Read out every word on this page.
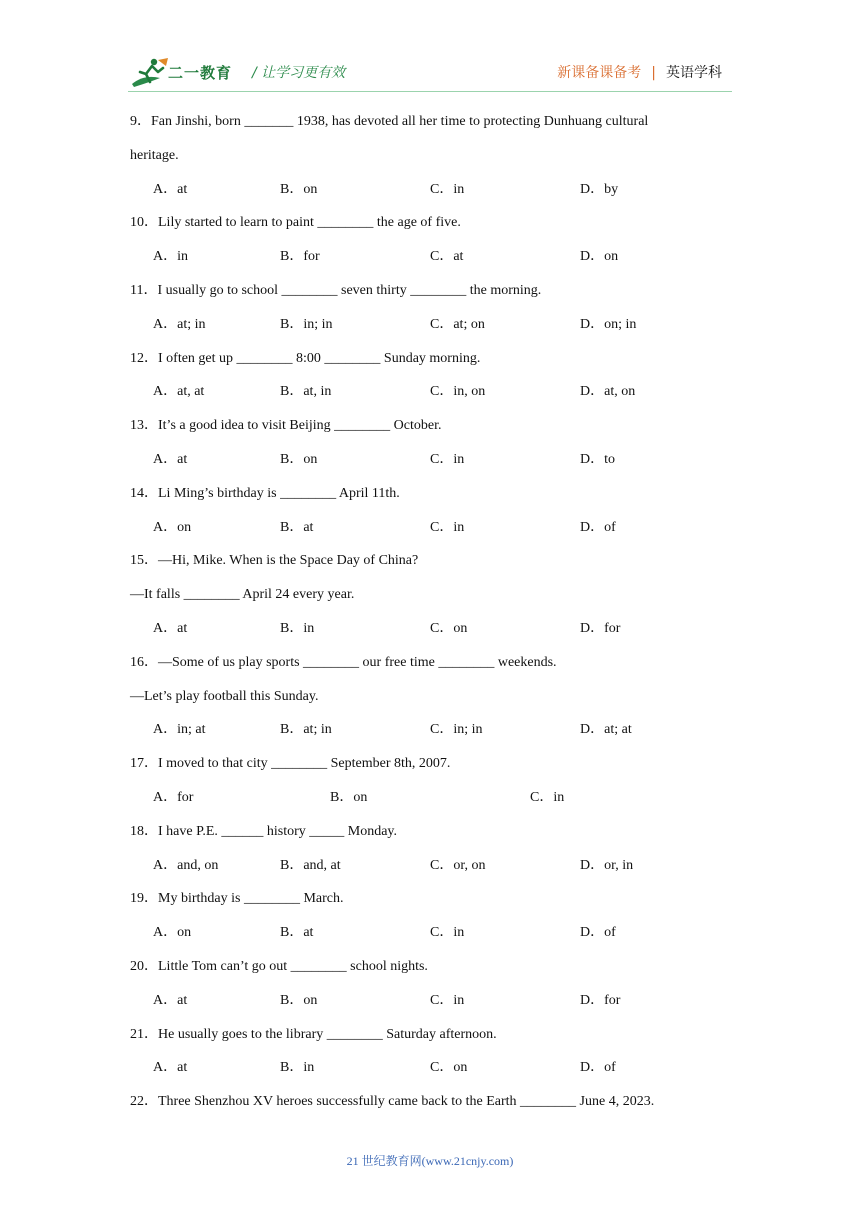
二一教育 / 让学习更有效	新课备课备考 | 英语学科
9．Fan Jinshi, born _______ 1938, has devoted all her time to protecting Dunhuang cultural
heritage.
A．at	B．on	C．in	D．by
10．Lily started to learn to paint ________ the age of five.
A．in	B．for	C．at	D．on
11．I usually go to school ________ seven thirty ________ the morning.
A．at; in	B．in; in	C．at; on	D．on; in
12．I often get up ________ 8:00 ________ Sunday morning.
A．at, at	B．at, in	C．in, on	D．at, on
13．It’s a good idea to visit Beijing ________ October.
A．at	B．on	C．in	D．to
14．Li Ming’s birthday is ________ April 11th.
A．on	B．at	C．in	D．of
15．—Hi, Mike. When is the Space Day of China?
—It falls ________ April 24 every year.
A．at	B．in	C．on	D．for
16．—Some of us play sports ________ our free time ________ weekends.
—Let’s play football this Sunday.
A．in; at	B．at; in	C．in; in	D．at; at
17．I moved to that city ________ September 8th, 2007.
A．for	B．on	C．in
18．I have P.E. ______ history _____ Monday.
A．and, on	B．and, at	C．or, on	D．or, in
19．My birthday is ________ March.
A．on	B．at	C．in	D．of
20．Little Tom can’t go out ________ school nights.
A．at	B．on	C．in	D．for
21．He usually goes to the library ________ Saturday afternoon.
A．at	B．in	C．on	D．of
22．Three Shenzhou XV heroes successfully came back to the Earth ________ June 4, 2023.
21 世纪教育网(www.21cnjy.com)
